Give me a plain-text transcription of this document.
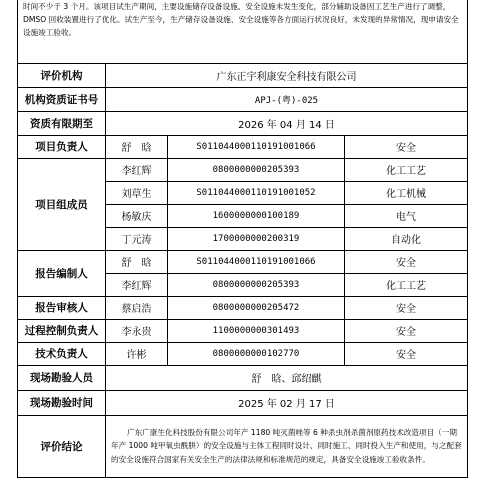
时间不少于 3 个月。该项目试生产期间，主要设施储存设备设施、安全设施未发生变化，部分辅助设备因工艺生产进行了调整，DMSO 回收装置进行了优化。试生产至今，生产储存设备设施、安全设施等各方面运行状况良好，未发现的异常情况，现申请安全设施竣工验收。			
评价机构	广东正宇利康安全科技有限公司		
机构资质证书号	APJ-(粤)-025		
资质有限期至	2026 年 04 月 14 日		
项目负责人	舒　晗	S011044000110191001066	安全
项目组成员	李红辉	0800000000205393	化工工艺
	刘草生	S011044000110191001052	化工机械
	杨敏庆	1600000000100189	电气
	丁元涛	1700000000200319	自动化
报告编制人	舒　晗	S011044000110191001066	安全
	李红辉	0800000000205393	化工工艺
报告审核人	蔡启浩	0800000000205472	安全
过程控制负责人	李永贵	1100000000301493	安全
技术负责人	许彬	0800000000102770	安全
现场勘验人员	舒　晗、邱绍麒		
现场勘验时间	2025 年 02 月 17 日		
评价结论	广东广康生化科技股份有限公司年产 1180 吨灭菌唑等 6 种杀虫剂杀菌剂原药技术改造项目（一期年产 1000 吨甲氧虫酰肼）的安全设施与主体工程同时设计、同时施工、同时投入生产和使用，与之配套的安全设施符合国家有关安全生产的法律法规和标准规范的规定，具备安全设施竣工验收条件。		
